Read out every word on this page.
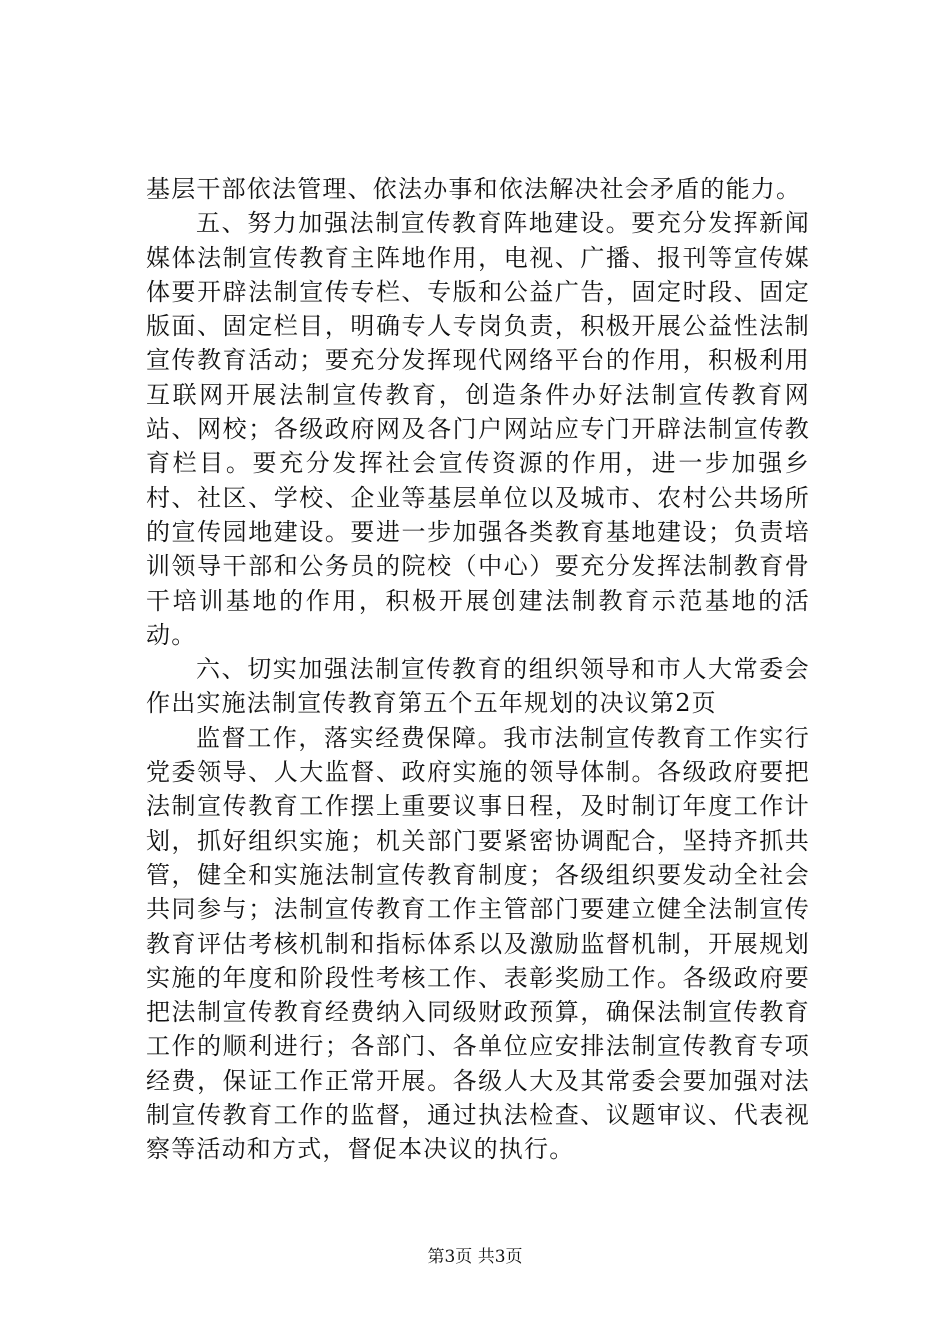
基层干部依法管理、依法办事和依法解决社会矛盾的能力。

五、努力加强法制宣传教育阵地建设。要充分发挥新闻媒体法制宣传教育主阵地作用，电视、广播、报刊等宣传媒体要开辟法制宣传专栏、专版和公益广告，固定时段、固定版面、固定栏目，明确专人专岗负责，积极开展公益性法制宣传教育活动；要充分发挥现代网络平台的作用，积极利用互联网开展法制宣传教育，创造条件办好法制宣传教育网站、网校；各级政府网及各门户网站应专门开辟法制宣传教育栏目。要充分发挥社会宣传资源的作用，进一步加强乡村、社区、学校、企业等基层单位以及城市、农村公共场所的宣传园地建设。要进一步加强各类教育基地建设；负责培训领导干部和公务员的院校（中心）要充分发挥法制教育骨干培训基地的作用，积极开展创建法制教育示范基地的活动。

六、切实加强法制宣传教育的组织领导和市人大常委会作出实施法制宣传教育第五个五年规划的决议第2页

监督工作，落实经费保障。我市法制宣传教育工作实行党委领导、人大监督、政府实施的领导体制。各级政府要把法制宣传教育工作摆上重要议事日程，及时制订年度工作计划，抓好组织实施；机关部门要紧密协调配合，坚持齐抓共管，健全和实施法制宣传教育制度；各级组织要发动全社会共同参与；法制宣传教育工作主管部门要建立健全法制宣传教育评估考核机制和指标体系以及激励监督机制，开展规划实施的年度和阶段性考核工作、表彰奖励工作。各级政府要把法制宣传教育经费纳入同级财政预算，确保法制宣传教育工作的顺利进行；各部门、各单位应安排法制宣传教育专项经费，保证工作正常开展。各级人大及其常委会要加强对法制宣传教育工作的监督，通过执法检查、议题审议、代表视察等活动和方式，督促本决议的执行。

第3页 共3页
